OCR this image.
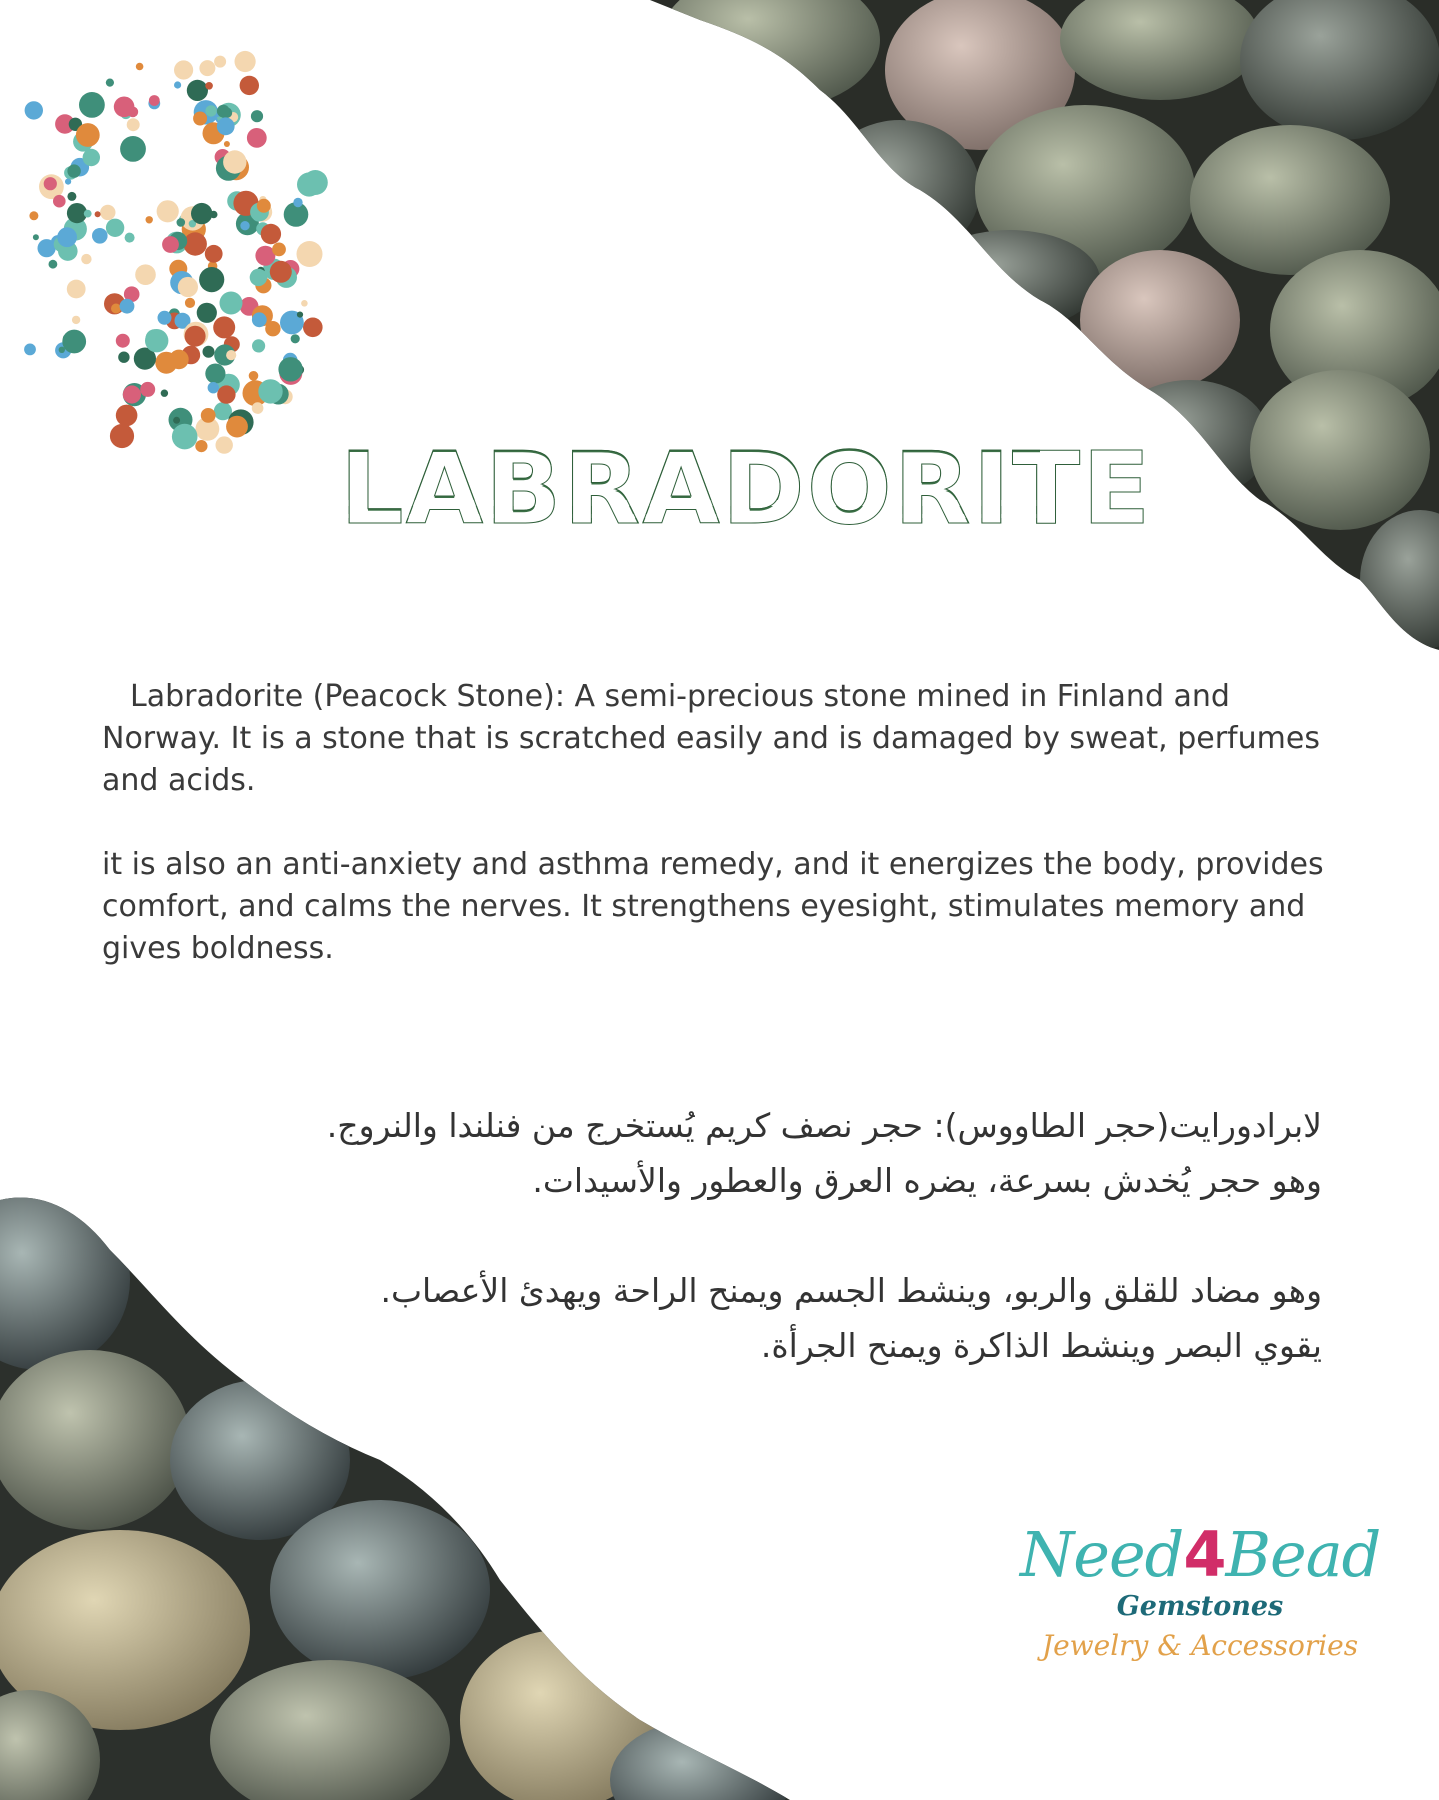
LABRADORITE

Labradorite (Peacock Stone): A semi-precious stone mined in Finland and Norway. It is a stone that is scratched easily and is damaged by sweat, perfumes and acids.

it is also an anti-anxiety and asthma remedy, and it energizes the body, provides comfort, and calms the nerves. It strengthens eyesight, stimulates memory and gives boldness.

لابرادورايت(حجر الطاووس): حجر نصف كريم يُستخرج من فنلندا والنروج.

وهو حجر يُخدش بسرعة، يضره العرق والعطور والأسيدات.

وهو مضاد للقلق والربو، وينشط الجسم ويمنح الراحة ويهدئ الأعصاب.

يقوي البصر وينشط الذاكرة ويمنح الجرأة.

Need4Bead
Gemstones
Jewelry & Accessories
